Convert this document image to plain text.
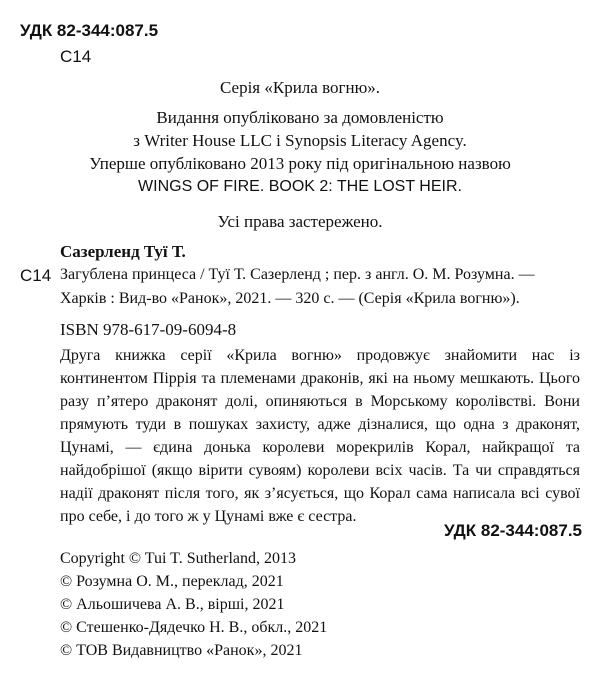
УДК 82-344:087.5
С14
Серія «Крила вогню».
Видання опубліковано за домовленістю
з Writer House LLC і Synopsis Literacy Agency.
Уперше опубліковано 2013 року під оригінальною назвою
WINGS OF FIRE. BOOK 2: THE LOST HEIR.
Усі права застережено.
Сазерленд Туї Т.
С14 Загублена принцеса / Туї Т. Сазерленд ; пер. з англ. О. М. Розумна. —
Харків : Вид-во «Ранок», 2021. — 320 с. — (Серія «Крила вогню»).
ISBN 978-617-09-6094-8
Друга книжка серії «Крила вогню» продовжує знайомити нас із континентом Піррія та племенами драконів, які на ньому мешкають. Цього разу п’ятеро драконят долі, опиняються в Морському королівстві. Вони прямують туди в пошуках захисту, адже дізналися, що одна з драконят, Цунамі, — єдина донька королеви морекрилів Корал, найкращої та найдобрішої (якщо вірити сувоям) королеви всіх часів. Та чи справдяться надії драконят після того, як з’ясується, що Корал сама написала всі сувої про себе, і до того ж у Цунамі вже є сестра.
УДК 82-344:087.5
Copyright © Tui T. Sutherland, 2013
© Розумна О. М., переклад, 2021
© Альошичева А. В., вірші, 2021
© Стешенко-Дядечко Н. В., обкл., 2021
© ТОВ Видавництво «Ранок», 2021
